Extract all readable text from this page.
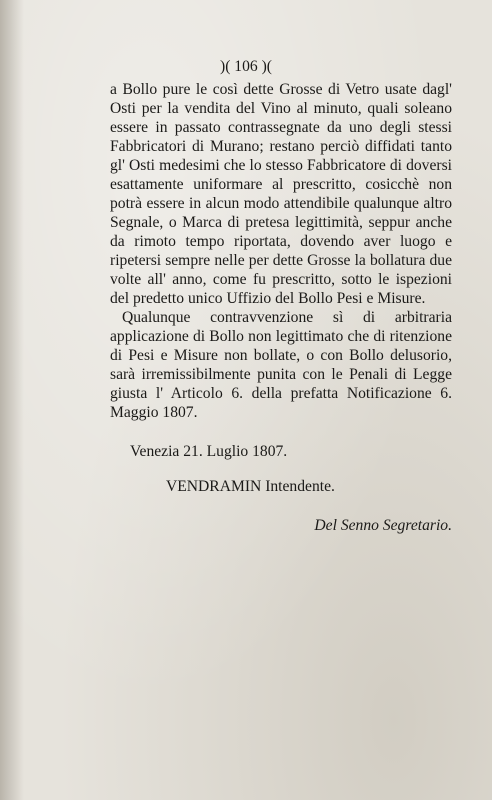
)( 106 )(

a Bollo pure le così dette Grosse di Vetro usate dagl' Osti per la vendita del Vino al minuto, quali soleano essere in passato contrassegnate da uno degli stessi Fabbricatori di Murano; restano perciò diffidati tanto gl' Osti medesimi che lo stesso Fabbricatore di doversi esattamente uniformare al prescritto, cosicchè non potrà essere in alcun modo attendibile qualunque altro Segnale, o Marca di pretesa legittimità, seppur anche da rimoto tempo riportata, dovendo aver luogo e ripetersi sempre nelle per dette Grosse la bollatura due volte all' anno, come fu prescritto, sotto le ispezioni del predetto unico Uffizio del Bollo Pesi e Misure.

Qualunque contravvenzione sì di arbitraria applicazione di Bollo non legittimato che di ritenzione di Pesi e Misure non bollate, o con Bollo delusorio, sarà irremissibilmente punita con le Penali di Legge giusta l' Articolo 6. della prefatta Notificazione 6. Maggio 1807.

Venezia 21. Luglio 1807.
VENDRAMIN Intendente.
Del Senno Segretario.
